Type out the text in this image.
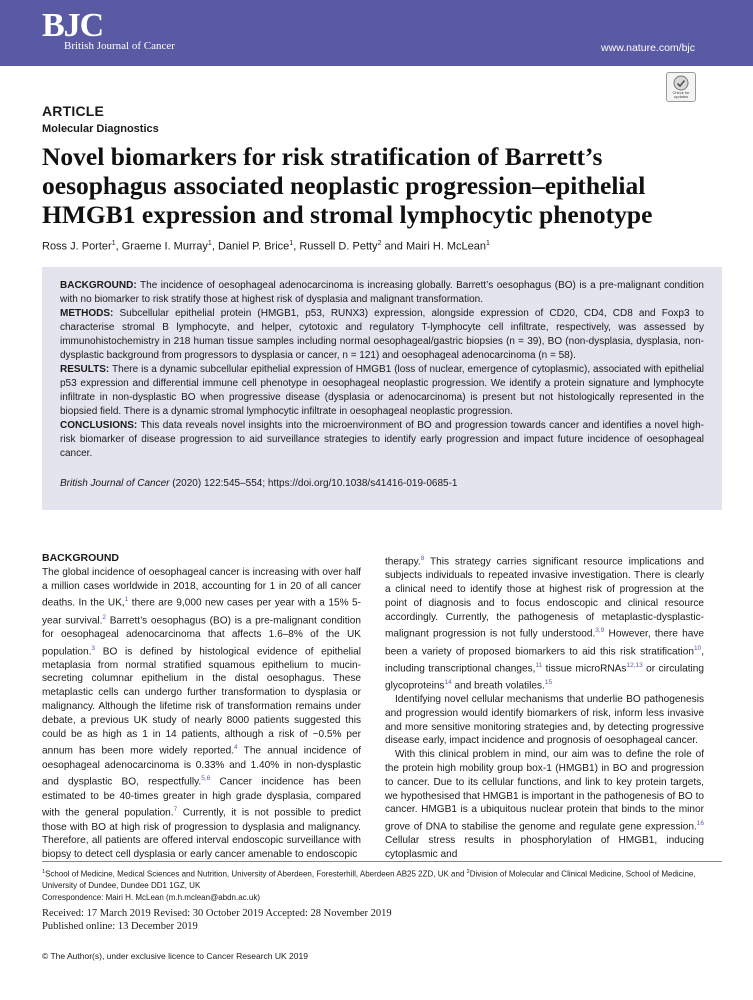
BJC
British Journal of Cancer	www.nature.com/bjc
Check for updates
ARTICLE
Molecular Diagnostics
Novel biomarkers for risk stratification of Barrett’s oesophagus associated neoplastic progression–epithelial HMGB1 expression and stromal lymphocytic phenotype
Ross J. Porter$^1$, Graeme I. Murray$^1$, Daniel P. Brice$^1$, Russell D. Petty$^2$ and Mairi H. McLean$^1$

BACKGROUND: The incidence of oesophageal adenocarcinoma is increasing globally. Barrett’s oesophagus (BO) is a pre-malignant condition with no biomarker to risk stratify those at highest risk of dysplasia and malignant transformation.

METHODS: Subcellular epithelial protein (HMGB1, p53, RUNX3) expression, alongside expression of CD20, CD4, CD8 and Foxp3 to characterise stromal B lymphocyte, and helper, cytotoxic and regulatory T-lymphocyte cell infiltrate, respectively, was assessed by immunohistochemistry in 218 human tissue samples including normal oesophageal/gastric biopsies (n = 39), BO (non-dysplasia, dysplasia, non-dysplastic background from progressors to dysplasia or cancer, n = 121) and oesophageal adenocarcinoma (n = 58).

RESULTS: There is a dynamic subcellular epithelial expression of HMGB1 (loss of nuclear, emergence of cytoplasmic), associated with epithelial p53 expression and differential immune cell phenotype in oesophageal neoplastic progression. We identify a protein signature and lymphocyte infiltrate in non-dysplastic BO when progressive disease (dysplasia or adenocarcinoma) is present but not histologically represented in the biopsied field. There is a dynamic stromal lymphocytic infiltrate in oesophageal neoplastic progression.

CONCLUSIONS: This data reveals novel insights into the microenvironment of BO and progression towards cancer and identifies a novel high-risk biomarker of disease progression to aid surveillance strategies to identify early progression and impact future incidence of oesophageal cancer.

British Journal of Cancer (2020) 122:545–554; https://doi.org/10.1038/s41416-019-0685-1

BACKGROUND

The global incidence of oesophageal cancer is increasing with over half a million cases worldwide in 2018, accounting for 1 in 20 of all cancer deaths. In the UK,$^1$ there are 9,000 new cases per year with a 15% 5-year survival.$^2$ Barrett’s oesophagus (BO) is a pre-malignant condition for oesophageal adenocarcinoma that affects 1.6–8% of the UK population.$^3$ BO is defined by histological evidence of epithelial metaplasia from normal stratified squamous epithelium to mucin-secreting columnar epithelium in the distal oesophagus. These metaplastic cells can undergo further transformation to dysplasia or malignancy. Although the lifetime risk of transformation remains under debate, a previous UK study of nearly 8000 patients suggested this could be as high as 1 in 14 patients, although a risk of ~0.5% per annum has been more widely reported.$^4$ The annual incidence of oesophageal adenocarcinoma is 0.33% and 1.40% in non-dysplastic and dysplastic BO, respectfully.$^{5,6}$ Cancer incidence has been estimated to be 40-times greater in high grade dysplasia, compared with the general population.$^7$ Currently, it is not possible to predict those with BO at high risk of progression to dysplasia and malignancy. Therefore, all patients are offered interval endoscopic surveillance with biopsy to detect cell dysplasia or early cancer amenable to endoscopic

therapy.$^8$ This strategy carries significant resource implications and subjects individuals to repeated invasive investigation. There is clearly a clinical need to identify those at highest risk of progression at the point of diagnosis and to focus endoscopic and clinical resource accordingly. Currently, the pathogenesis of metaplastic-dysplastic-malignant progression is not fully understood.$^{3,9}$ However, there have been a variety of proposed biomarkers to aid this risk stratification$^{10}$, including transcriptional changes,$^{11}$ tissue microRNAs$^{12,13}$ or circulating glycoproteins$^{14}$ and breath volatiles.$^{15}$

Identifying novel cellular mechanisms that underlie BO pathogenesis and progression would identify biomarkers of risk, inform less invasive and more sensitive monitoring strategies and, by detecting progressive disease early, impact incidence and prognosis of oesophageal cancer.

With this clinical problem in mind, our aim was to define the role of the protein high mobility group box-1 (HMGB1) in BO and progression to cancer. Due to its cellular functions, and link to key protein targets, we hypothesised that HMGB1 is important in the pathogenesis of BO to cancer. HMGB1 is a ubiquitous nuclear protein that binds to the minor grove of DNA to stabilise the genome and regulate gene expression.$^{16}$ Cellular stress results in phosphorylation of HMGB1, inducing cytoplasmic and

$^1$School of Medicine, Medical Sciences and Nutrition, University of Aberdeen, Foresterhill, Aberdeen AB25 2ZD, UK and $^2$Division of Molecular and Clinical Medicine, School of Medicine, University of Dundee, Dundee DD1 1GZ, UK
Correspondence: Mairi H. McLean (m.h.mclean@abdn.ac.uk)
Received: 17 March 2019 Revised: 30 October 2019 Accepted: 28 November 2019
Published online: 13 December 2019
© The Author(s), under exclusive licence to Cancer Research UK 2019
